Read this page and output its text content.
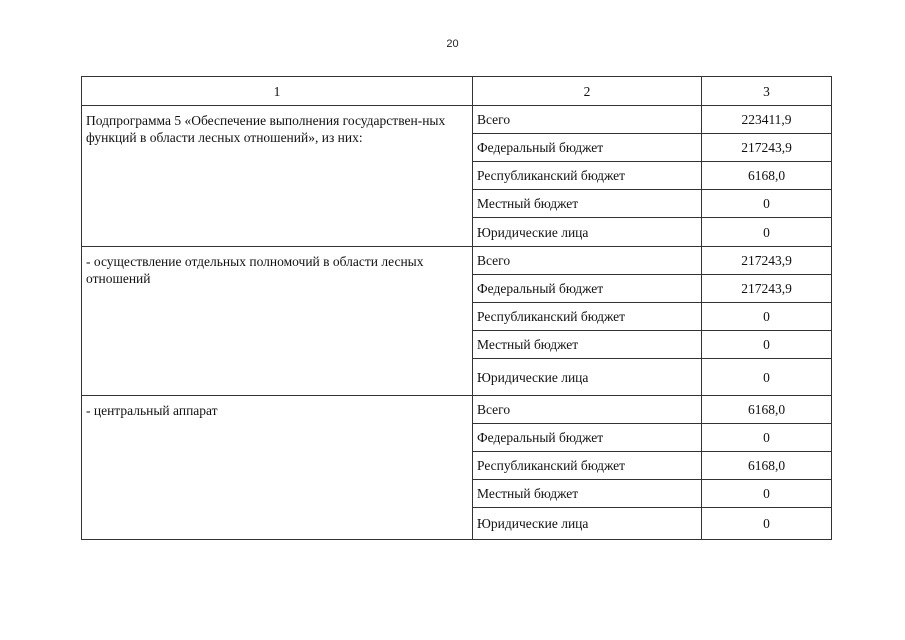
20
1	2	3
Подпрограмма 5 «Обеспечение выполнения государствен-ных функций в области лесных отношений», из них:	Всего	223411,9
	Федеральный бюджет	217243,9
	Республиканский бюджет	6168,0
	Местный бюджет	0
	Юридические лица	0
- осуществление отдельных полномочий в области лесных отношений	Всего	217243,9
	Федеральный бюджет	217243,9
	Республиканский бюджет	0
	Местный бюджет	0
	Юридические лица	0
- центральный аппарат	Всего	6168,0
	Федеральный бюджет	0
	Республиканский бюджет	6168,0
	Местный бюджет	0
	Юридические лица	0
